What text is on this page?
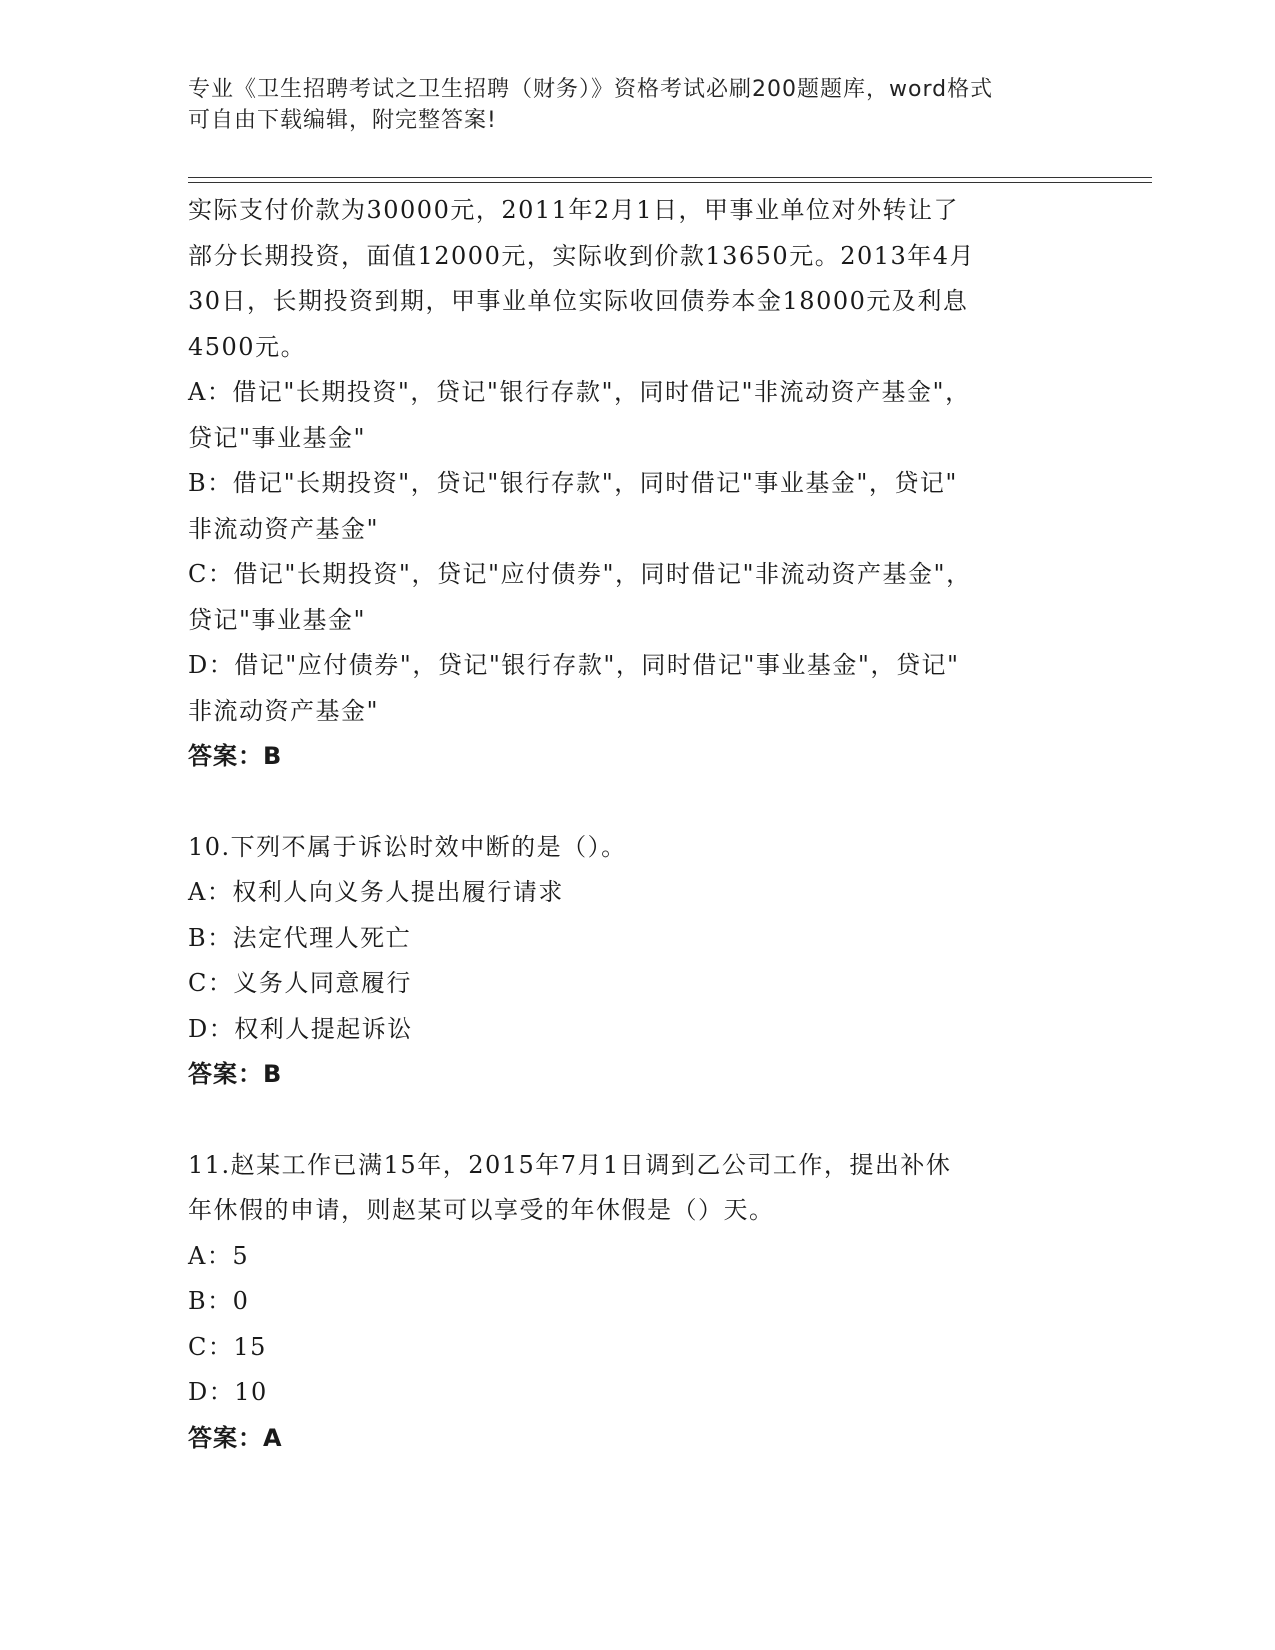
专业《卫生招聘考试之卫生招聘（财务）》资格考试必刷200题题库，word格式
可自由下载编辑，附完整答案!
实际支付价款为30000元，2011年2月1日，甲事业单位对外转让了
部分长期投资，面值12000元，实际收到价款13650元。2013年4月
30日，长期投资到期，甲事业单位实际收回债券本金18000元及利息
4500元。
A：借记"长期投资"，贷记"银行存款"，同时借记"非流动资产基金"，
贷记"事业基金"
B：借记"长期投资"，贷记"银行存款"，同时借记"事业基金"，贷记"
非流动资产基金"
C：借记"长期投资"，贷记"应付债券"，同时借记"非流动资产基金"，
贷记"事业基金"
D：借记"应付债券"，贷记"银行存款"，同时借记"事业基金"，贷记"
非流动资产基金"
答案：B
10.下列不属于诉讼时效中断的是（）。
A：权利人向义务人提出履行请求
B：法定代理人死亡
C：义务人同意履行
D：权利人提起诉讼
答案：B
11.赵某工作已满15年，2015年7月1日调到乙公司工作，提出补休
年休假的申请，则赵某可以享受的年休假是（）天。
A：5
B：0
C：15
D：10
答案：A
